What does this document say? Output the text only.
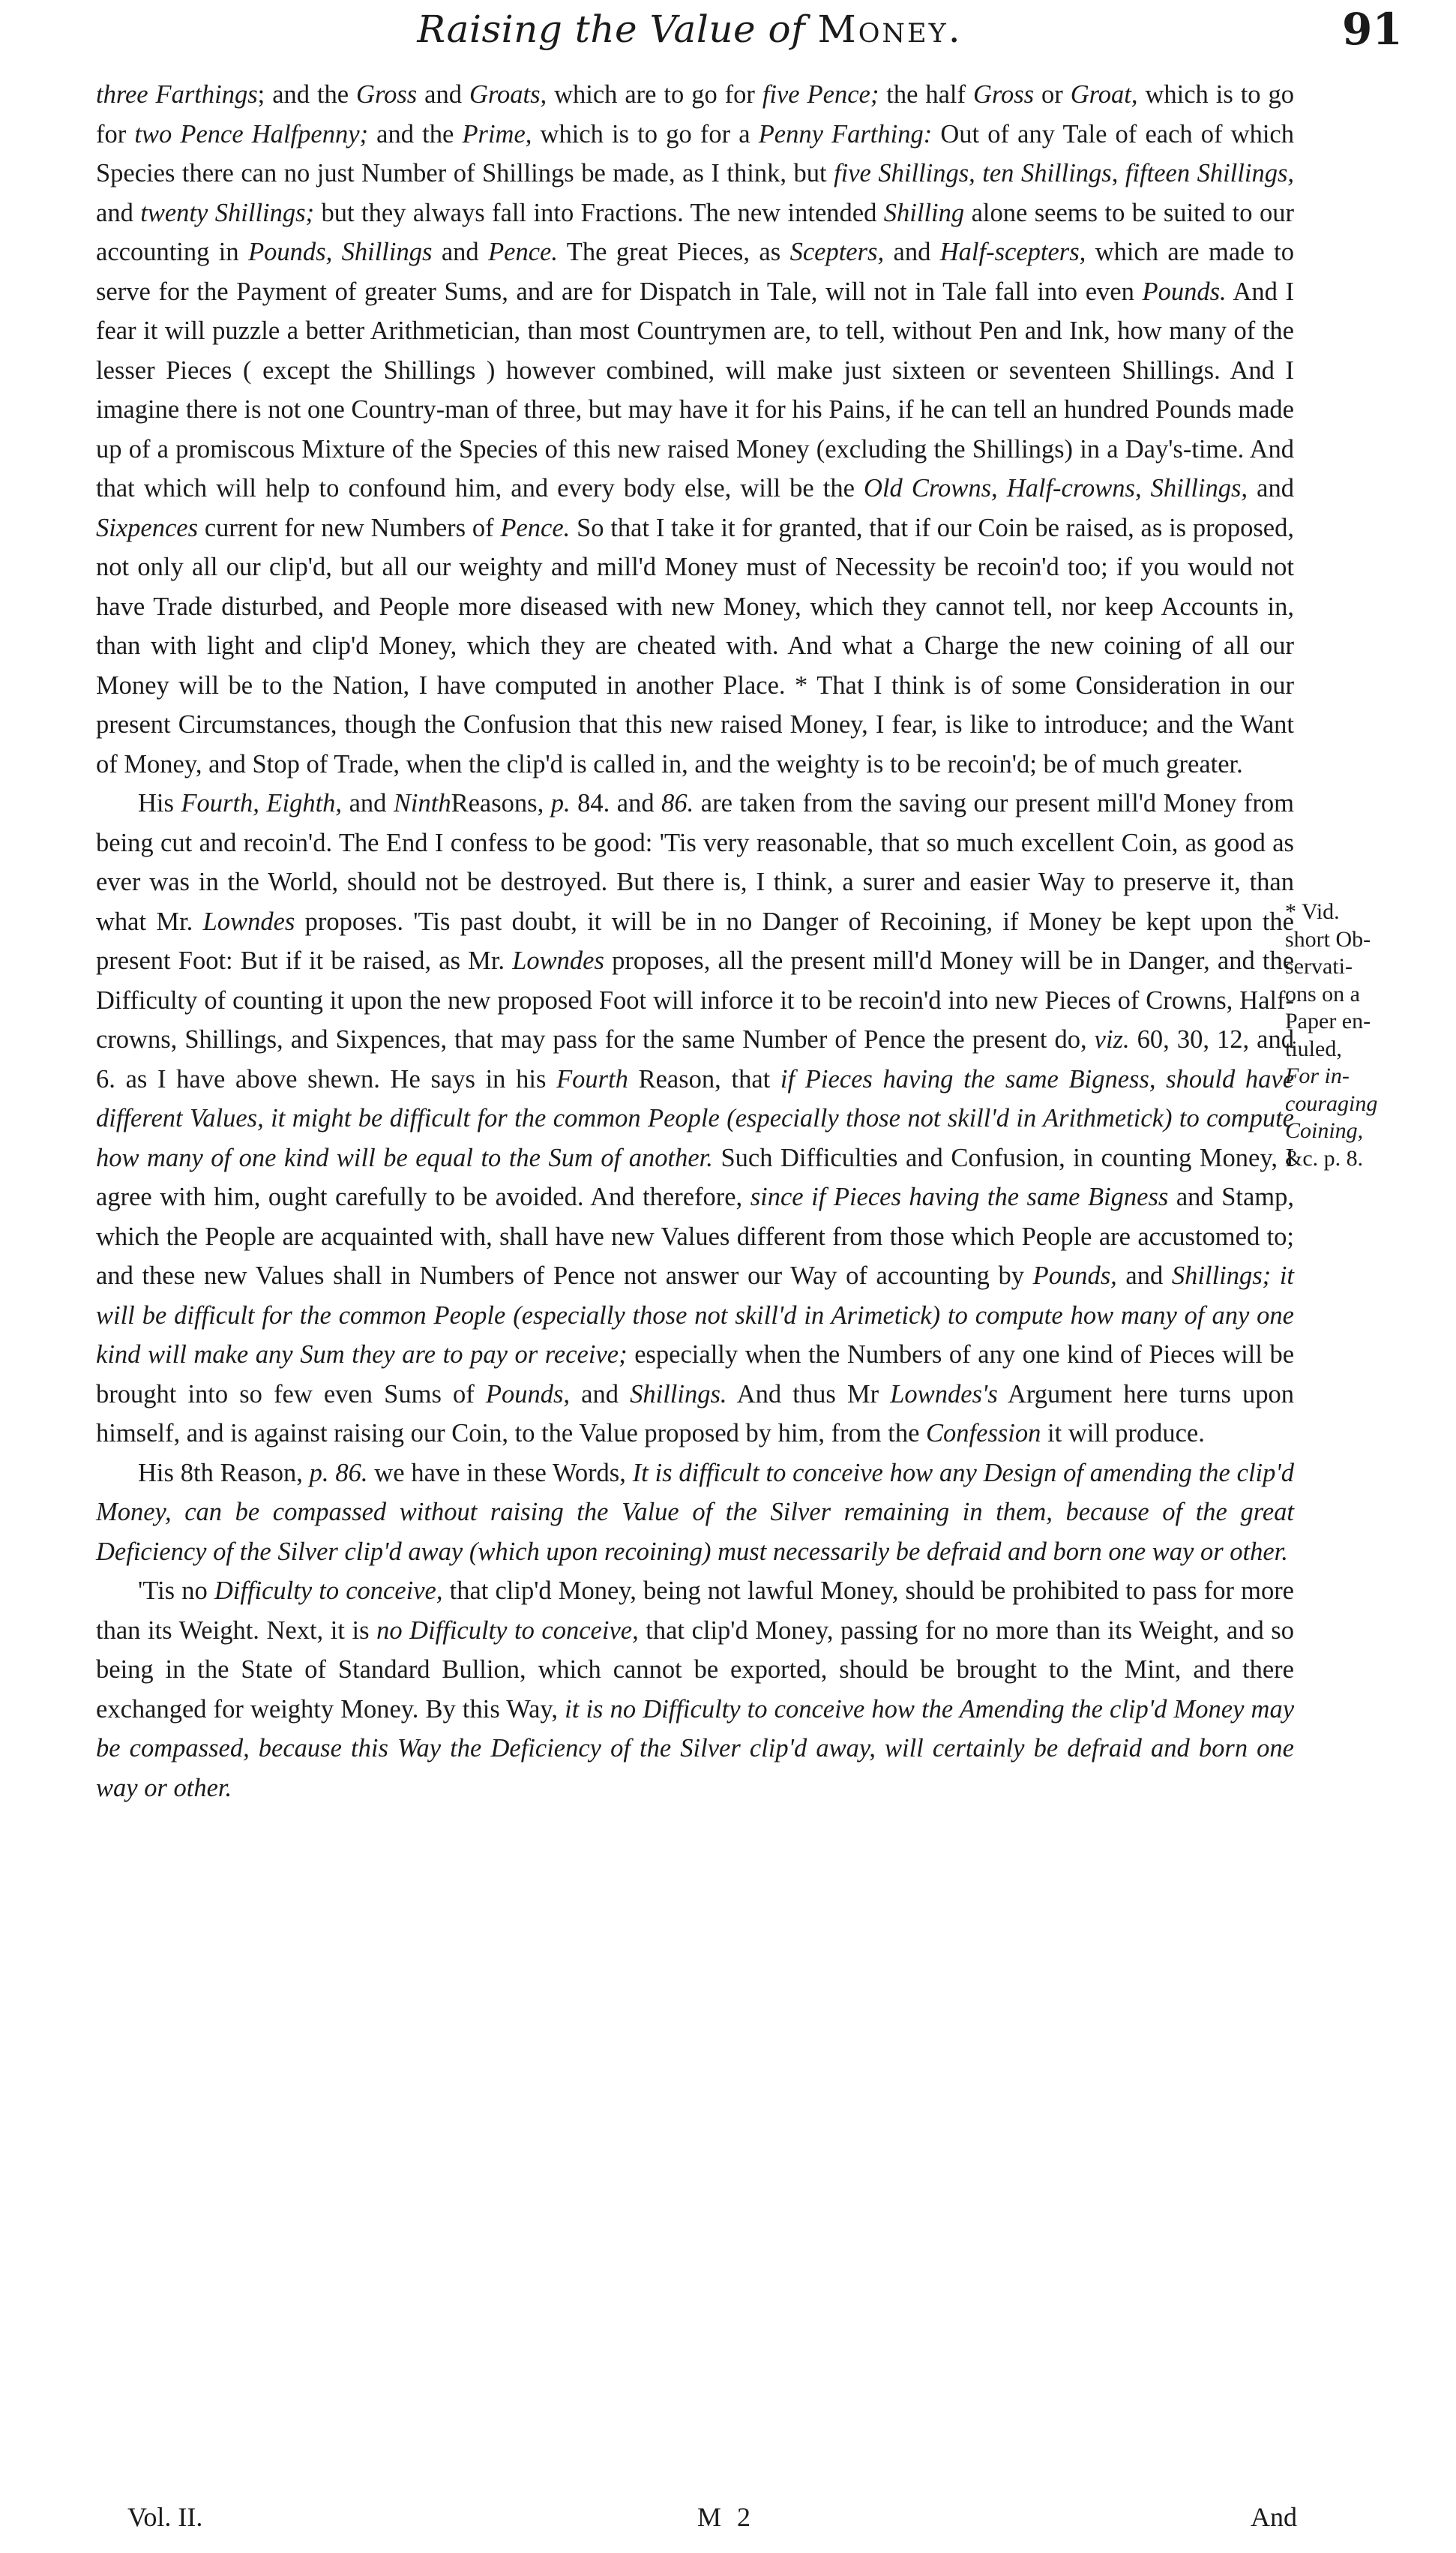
Raising the Value of Money.	91

three Farthings; and the Gross and Groats, which are to go for five Pence; the half Gross or Groat, which is to go for two Pence Halfpenny; and the Prime, which is to go for a Penny Farthing: Out of any Tale of each of which Species there can no just Number of Shillings be made, as I think, but five Shillings, ten Shillings, fifteen Shillings, and twenty Shillings; but they always fall into Fractions. The new intended Shilling alone seems to be suited to our accounting in Pounds, Shillings and Pence. The great Pieces, as Scepters, and Half-scepters, which are made to serve for the Payment of greater Sums, and are for Dispatch in Tale, will not in Tale fall into even Pounds. And I fear it will puzzle a better Arithmetician, than most Countrymen are, to tell, without Pen and Ink, how many of the lesser Pieces ( except the Shillings ) however combined, will make just sixteen or seventeen Shillings. And I imagine there is not one Country-man of three, but may have it for his Pains, if he can tell an hundred Pounds made up of a promiscous Mixture of the Species of this new raised Money (excluding the Shillings) in a Day's-time. And that which will help to confound him, and every body else, will be the Old Crowns, Half-crowns, Shillings, and Sixpences current for new Numbers of Pence. So that I take it for granted, that if our Coin be raised, as is proposed, not only all our clip'd, but all our weighty and mill'd Money must of Necessity be recoin'd too; if you would not have Trade disturbed, and People more diseased with new Money, which they cannot tell, nor keep Accounts in, than with light and clip'd Money, which they are cheated with. And what a Charge the new coining of all our Money will be to the Nation, I have computed in another Place. * That I think is of some Consideration in our present Circumstances, though the Confusion that this new raised Money, I fear, is like to introduce; and the Want of Money, and Stop of Trade, when the clip'd is called in, and the weighty is to be recoin'd; be of much greater.

His Fourth, Eighth, and NinthReasons, p. 84. and 86. are taken from the saving our present mill'd Money from being cut and recoin'd. The End I confess to be good: 'Tis very reasonable, that so much excellent Coin, as good as ever was in the World, should not be destroyed. But there is, I think, a surer and easier Way to preserve it, than what Mr. Lowndes proposes. 'Tis past doubt, it will be in no Danger of Recoining, if Money be kept upon the present Foot: But if it be raised, as Mr. Lowndes proposes, all the present mill'd Money will be in Danger, and the Difficulty of counting it upon the new proposed Foot will inforce it to be recoin'd into new Pieces of Crowns, Half-crowns, Shillings, and Sixpences, that may pass for the same Number of Pence the present do, viz. 60, 30, 12, and 6. as I have above shewn. He says in his Fourth Reason, that if Pieces having the same Bigness, should have different Values, it might be difficult for the common People (especially those not skill'd in Arithmetick) to compute how many of one kind will be equal to the Sum of another. Such Difficulties and Confusion, in counting Money, I agree with him, ought carefully to be avoided. And therefore, since if Pieces having the same Bigness and Stamp, which the People are acquainted with, shall have new Values different from those which People are accustomed to; and these new Values shall in Numbers of Pence not answer our Way of accounting by Pounds, and Shillings; it will be difficult for the common People (especially those not skill'd in Arimetick) to compute how many of any one kind will make any Sum they are to pay or receive; especially when the Numbers of any one kind of Pieces will be brought into so few even Sums of Pounds, and Shillings. And thus Mr Lowndes's Argument here turns upon himself, and is against raising our Coin, to the Value proposed by him, from the Confession it will produce.

His 8th Reason, p. 86. we have in these Words, It is difficult to conceive how any Design of amending the clip'd Money, can be compassed without raising the Value of the Silver remaining in them, because of the great Deficiency of the Silver clip'd away (which upon recoining) must necessarily be defraid and born one way or other.

'Tis no Difficulty to conceive, that clip'd Money, being not lawful Money, should be prohibited to pass for more than its Weight. Next, it is no Difficulty to conceive, that clip'd Money, passing for no more than its Weight, and so being in the State of Standard Bullion, which cannot be exported, should be brought to the Mint, and there exchanged for weighty Money. By this Way, it is no Difficulty to conceive how the Amending the clip'd Money may be compassed, because this Way the Deficiency of the Silver clip'd away, will certainly be defraid and born one way or other.

* Vid.
short Ob-
servati-
ons on a
Paper en-
tiuled,
For in-
couraging
Coining,
&c. p. 8.
Vol. II.	M 2	And
